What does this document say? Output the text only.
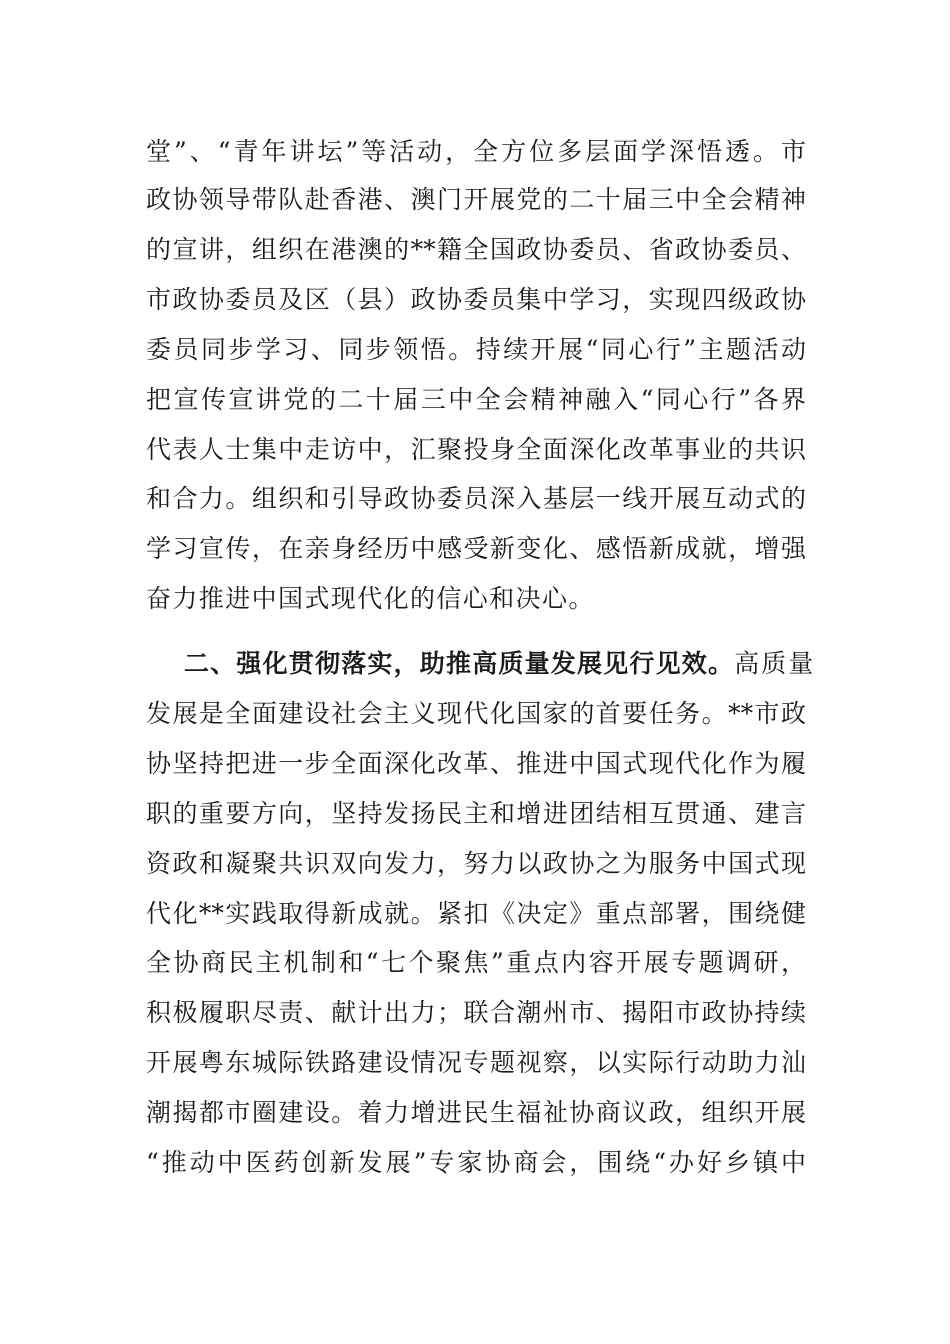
堂”、“青年讲坛”等活动，全方位多层面学深悟透。市
政协领导带队赴香港、澳门开展党的二十届三中全会精神
的宣讲，组织在港澳的**籍全国政协委员、省政协委员、
市政协委员及区（县）政协委员集中学习，实现四级政协
委员同步学习、同步领悟。持续开展“同心行”主题活动
把宣传宣讲党的二十届三中全会精神融入“同心行”各界
代表人士集中走访中，汇聚投身全面深化改革事业的共识
和合力。组织和引导政协委员深入基层一线开展互动式的
学习宣传，在亲身经历中感受新变化、感悟新成就，增强
奋力推进中国式现代化的信心和决心。
二、强化贯彻落实，助推高质量发展见行见效。 高质量
发展是全面建设社会主义现代化国家的首要任务。**市政
协坚持把进一步全面深化改革、推进中国式现代化作为履
职的重要方向，坚持发扬民主和增进团结相互贯通、建言
资政和凝聚共识双向发力，努力以政协之为服务中国式现
代化**实践取得新成就。紧扣《决定》重点部署，围绕健
全协商民主机制和“七个聚焦”重点内容开展专题调研，
积极履职尽责、献计出力；联合潮州市、揭阳市政协持续
开展粤东城际铁路建设情况专题视察，以实际行动助力汕
潮揭都市圈建设。着力增进民生福祉协商议政，组织开展
“推动中医药创新发展”专家协商会，围绕“办好乡镇中
